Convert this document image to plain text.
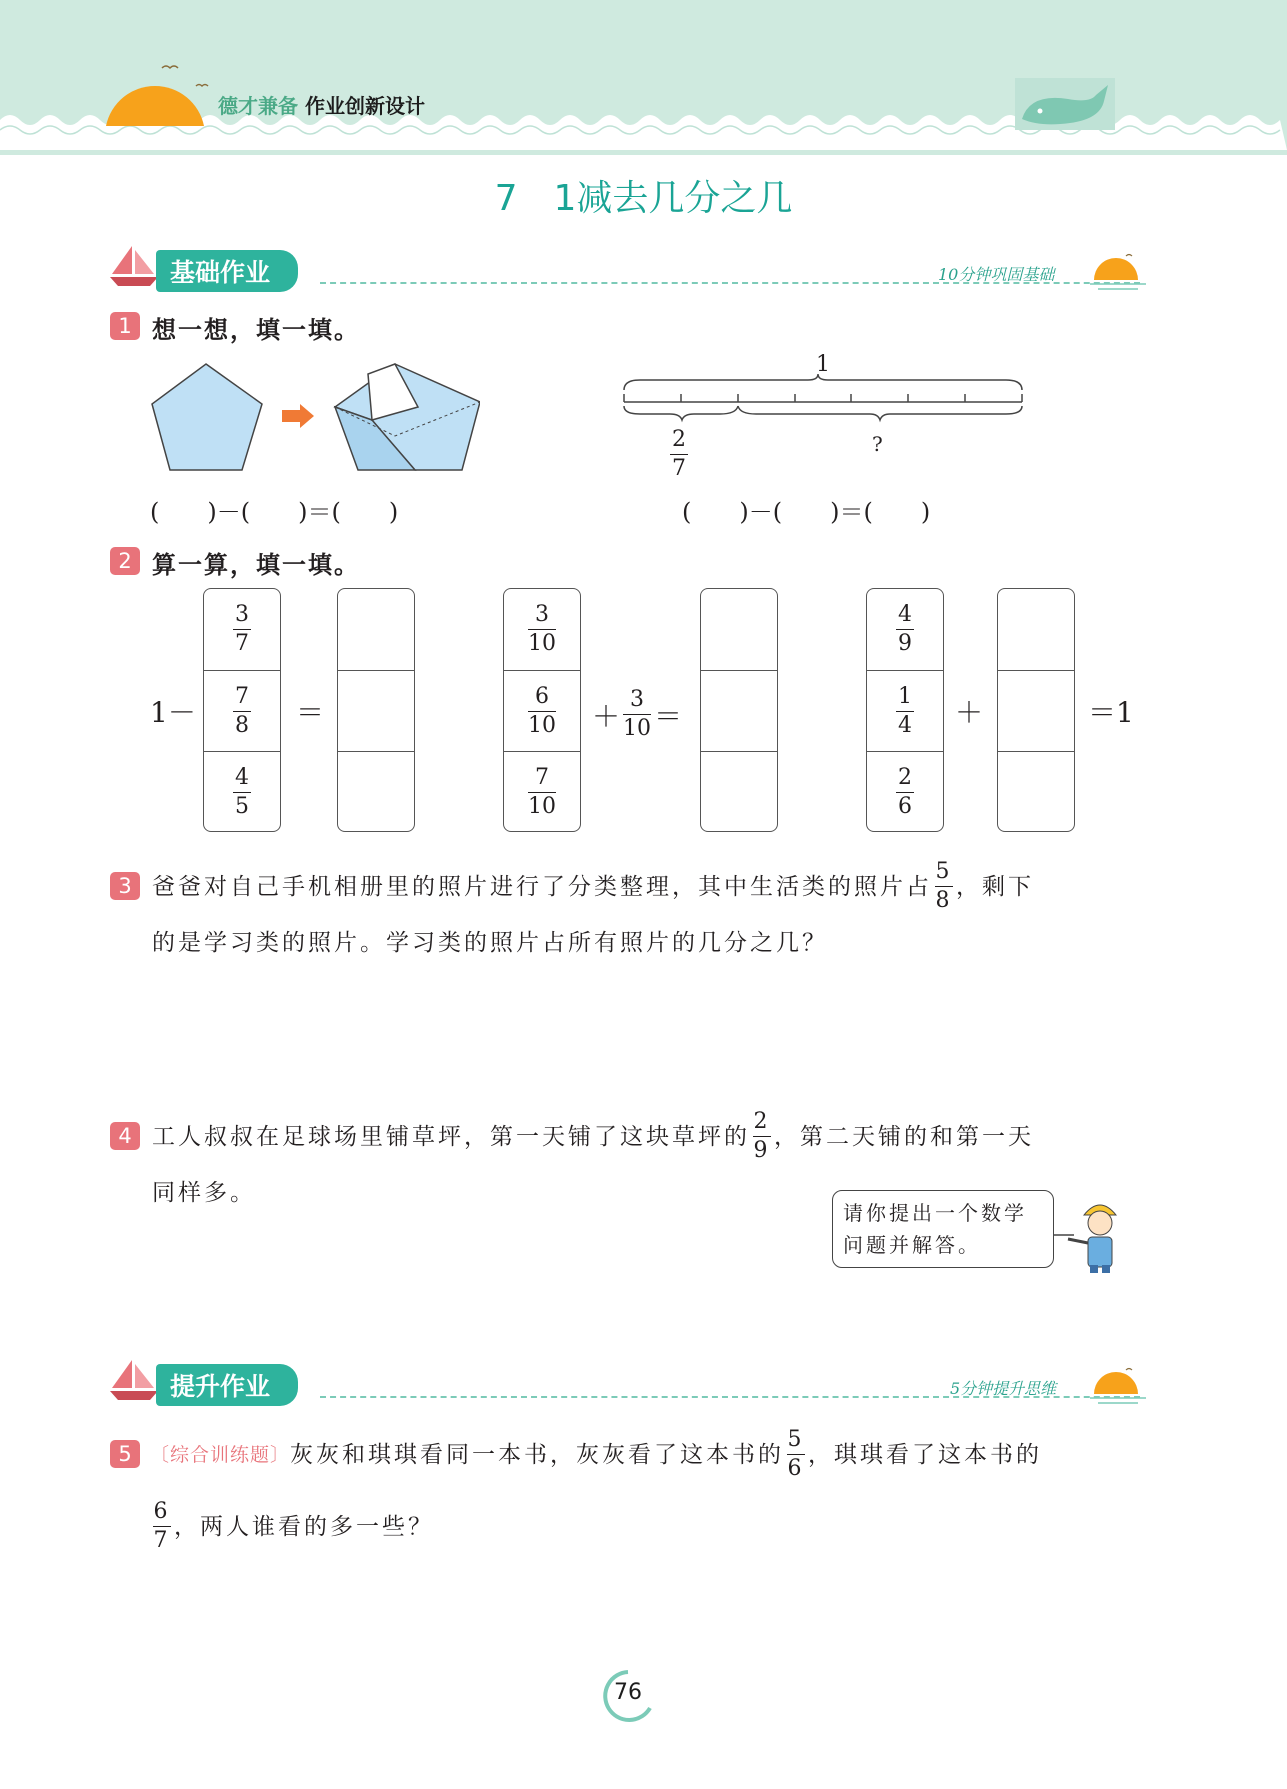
德才兼备 作业创新设计
7　1减去几分之几
基础作业	10分钟巩固基础
1 想一想，填一填。
(　　)－(　　)＝(　　)
1
$\frac{2}{7}$	?
(　　)－(　　)＝(　　)
2 算一算，填一填。
1－
$\frac{3}{7}$
$\frac{7}{8}$
$\frac{4}{5}$
＝
$\frac{3}{10}$
$\frac{6}{10}$
$\frac{7}{10}$
＋ $\frac{3}{10}$ ＝
$\frac{4}{9}$
$\frac{1}{4}$
$\frac{2}{6}$
＋	＝1
3 爸爸对自己手机相册里的照片进行了分类整理，其中生活类的照片占 $\frac{5}{8}$ ，剩下
的是学习类的照片。学习类的照片占所有照片的几分之几？
4 工人叔叔在足球场里铺草坪，第一天铺了这块草坪的 $\frac{2}{9}$ ，第二天铺的和第一天
同样多。
请你提出一个数学
问题并解答。
提升作业	5分钟提升思维
5 〔综合训练题〕 灰灰和琪琪看同一本书，灰灰看了这本书的 $\frac{5}{6}$ ，琪琪看了这本书的
$\frac{6}{7}$ ，两人谁看的多一些？
76
